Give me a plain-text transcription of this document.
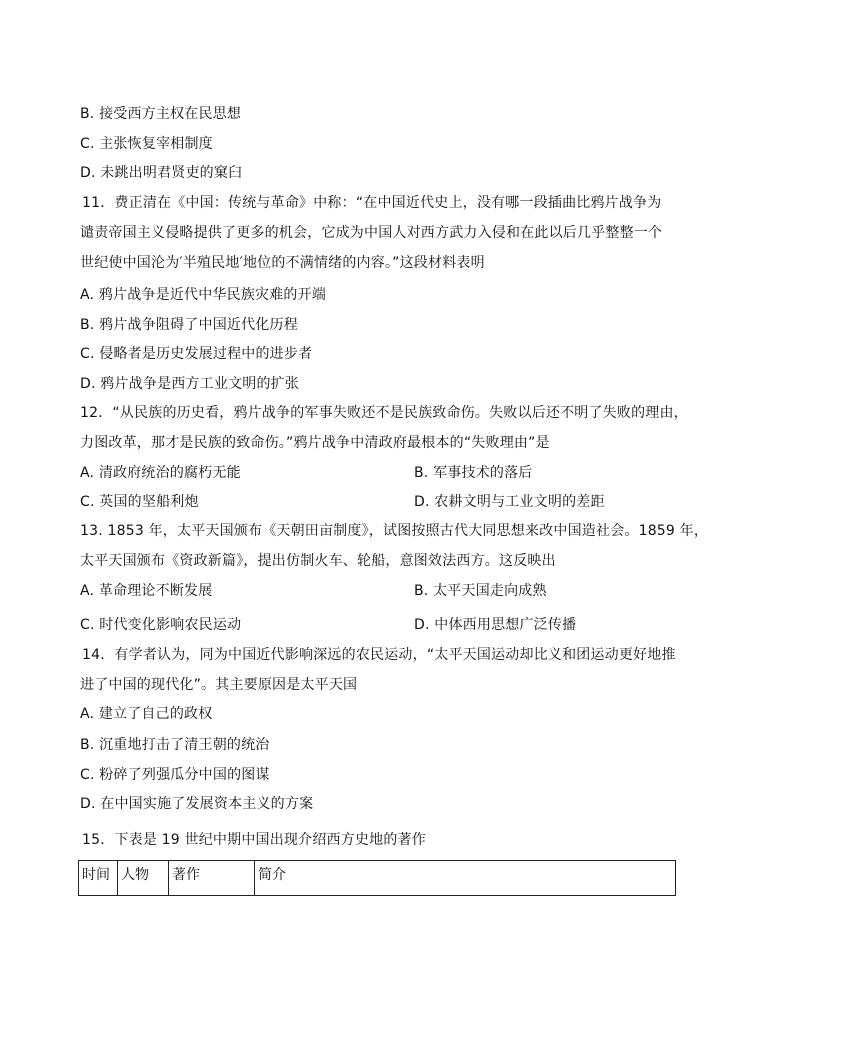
B. 接受西方主权在民思想
C. 主张恢复宰相制度
D. 未跳出明君贤吏的窠臼
11．费正清在《中国：传统与革命》中称：“在中国近代史上，没有哪一段插曲比鸦片战争为
谴责帝国主义侵略提供了更多的机会，它成为中国人对西方武力入侵和在此以后几乎整整一个
世纪使中国沦为′半殖民地′地位的不满情绪的内容。”这段材料表明
A. 鸦片战争是近代中华民族灾难的开端
B. 鸦片战争阻碍了中国近代化历程
C. 侵略者是历史发展过程中的进步者
D. 鸦片战争是西方工业文明的扩张
12．“从民族的历史看，鸦片战争的军事失败还不是民族致命伤。失败以后还不明了失败的理由，
力图改革，那才是民族的致命伤。”鸦片战争中清政府最根本的“失败理由”是
A. 清政府统治的腐朽无能	B. 军事技术的落后
C. 英国的坚船利炮	D. 农耕文明与工业文明的差距
13. 1853 年，太平天国颁布《天朝田亩制度》，试图按照古代大同思想来改中国造社会。1859 年，
太平天国颁布《资政新篇》，提出仿制火车、轮船，意图效法西方。这反映出
A. 革命理论不断发展	B. 太平天国走向成熟
C. 时代变化影响农民运动	D. 中体西用思想广泛传播
14．有学者认为，同为中国近代影响深远的农民运动，“太平天国运动却比义和团运动更好地推
进了中国的现代化”。其主要原因是太平天国
A. 建立了自己的政权
B. 沉重地打击了清王朝的统治
C. 粉碎了列强瓜分中国的图谋
D. 在中国实施了发展资本主义的方案
15．下表是 19 世纪中期中国出现介绍西方史地的著作
时间	人物	著作	简介
